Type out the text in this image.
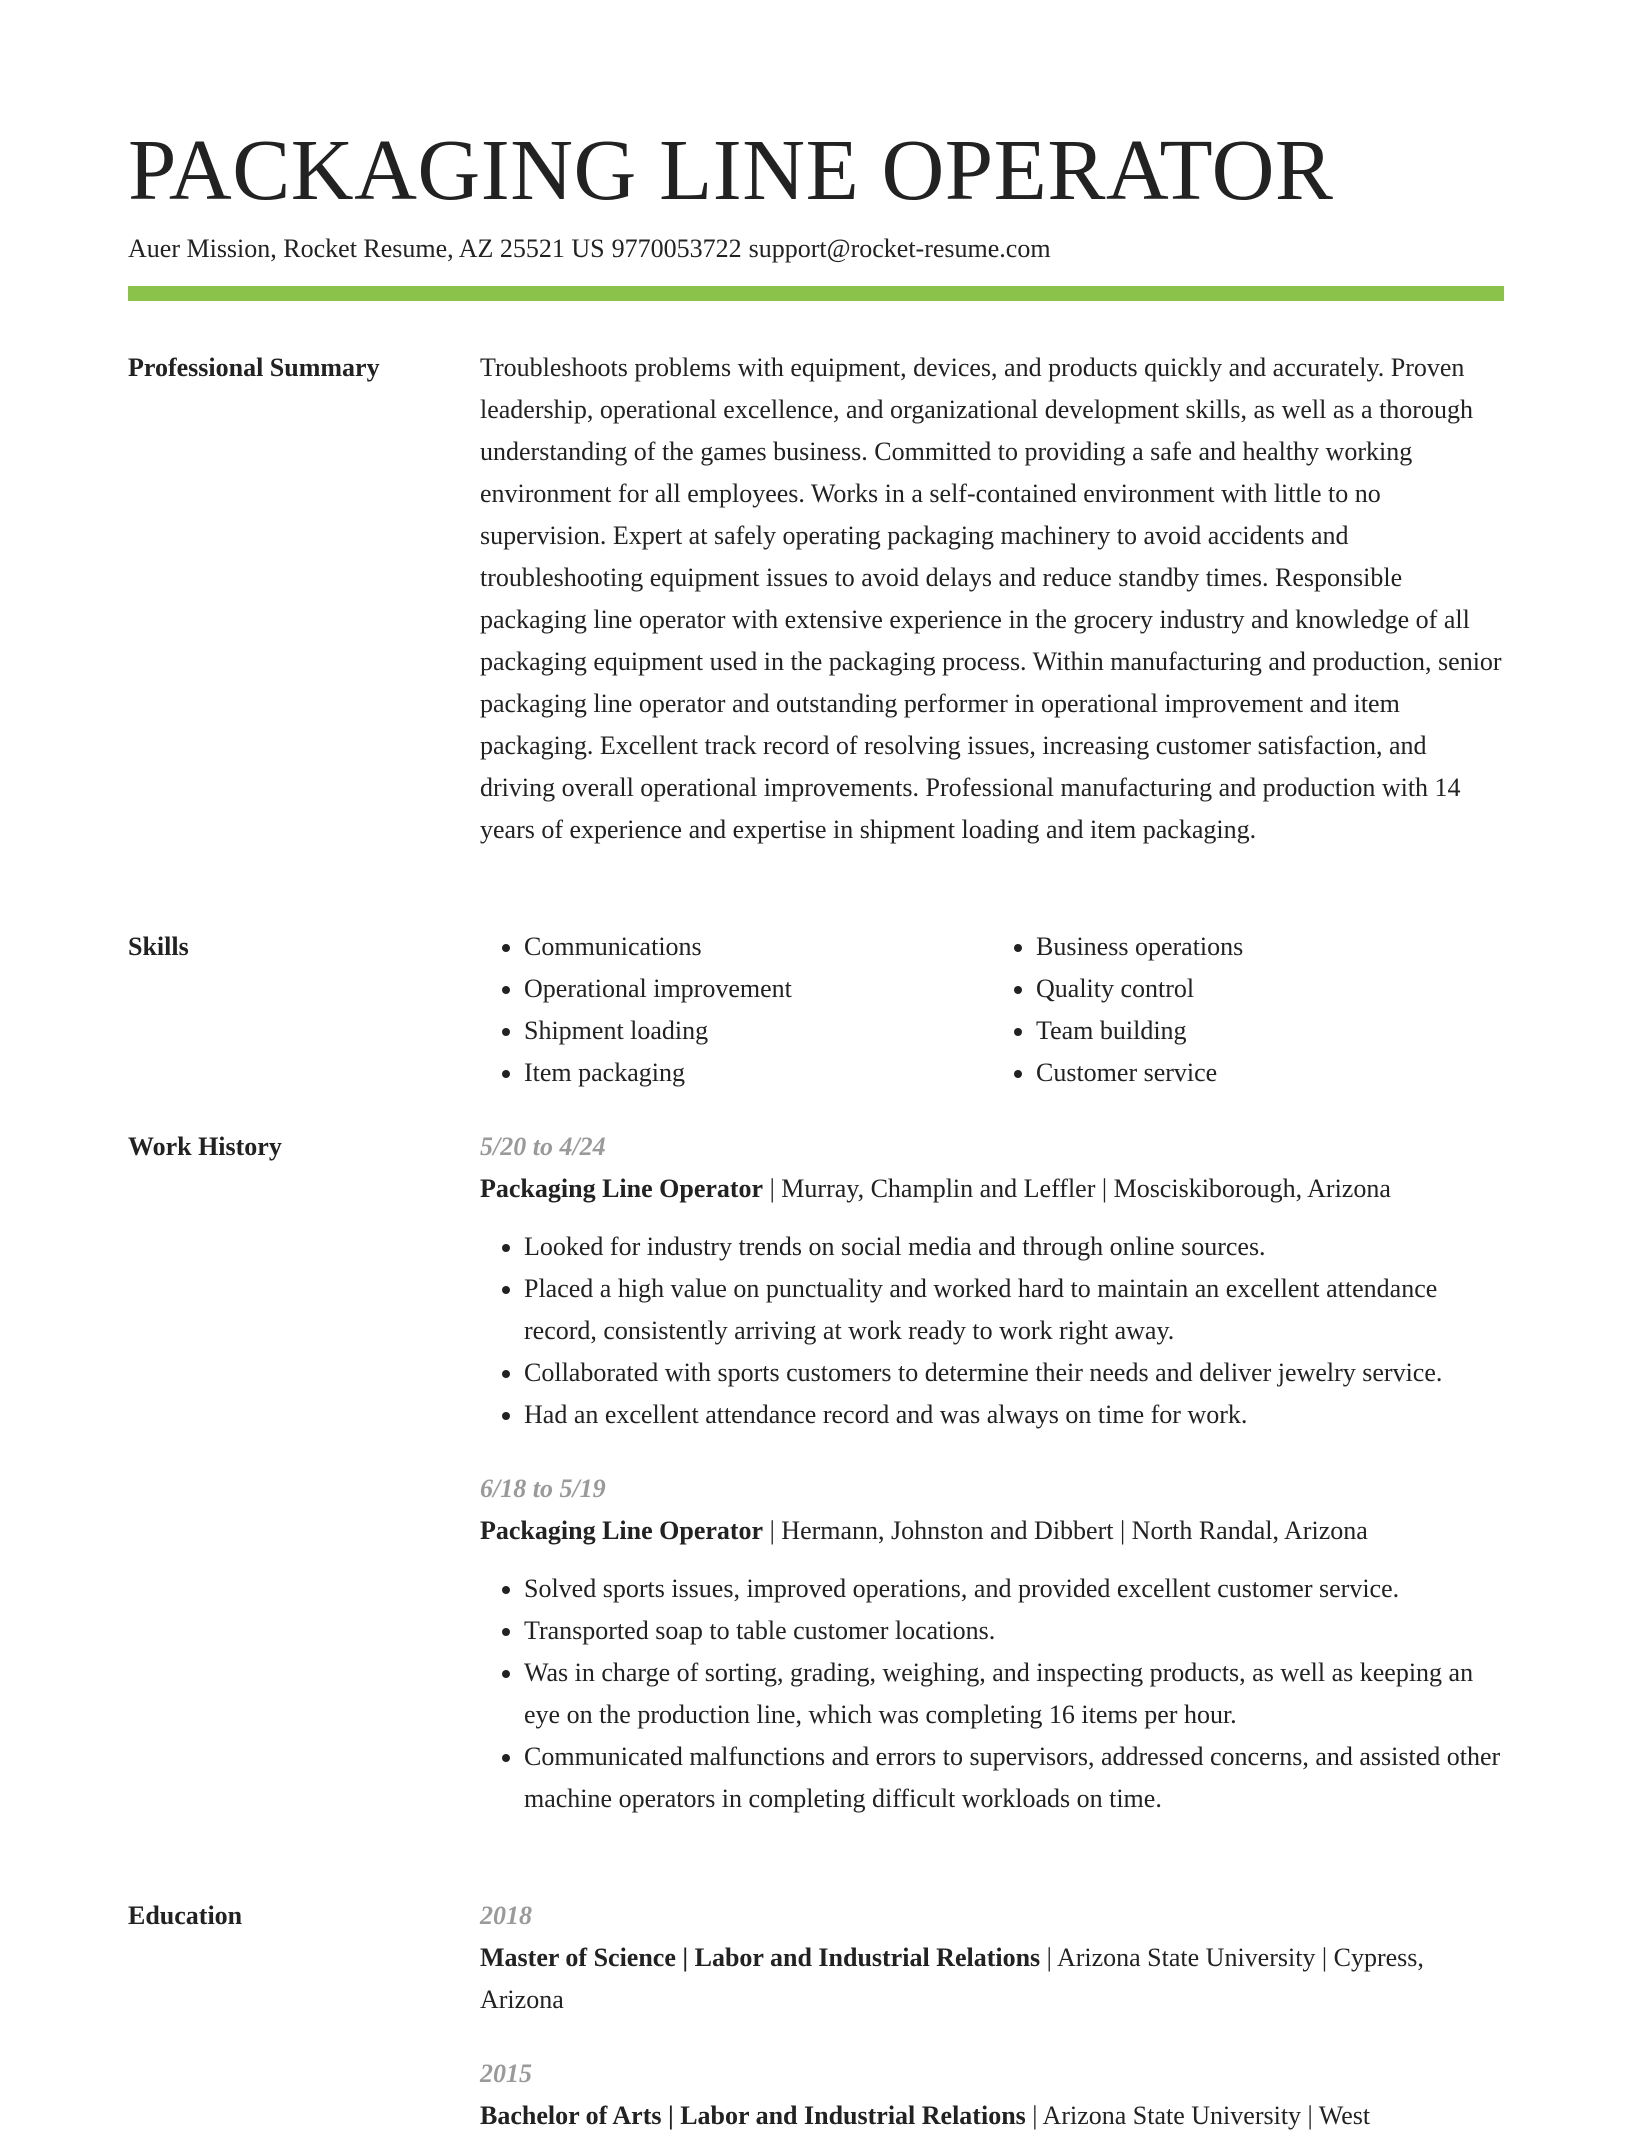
PACKAGING LINE OPERATOR
Auer Mission, Rocket Resume, AZ 25521 US 9770053722 support@rocket-resume.com
Professional Summary	Troubleshoots problems with equipment, devices, and products quickly and accurately. Proven leadership, operational excellence, and organizational development skills, as well as a thorough understanding of the games business. Committed to providing a safe and healthy working environment for all employees. Works in a self-contained environment with little to no supervision. Expert at safely operating packaging machinery to avoid accidents and troubleshooting equipment issues to avoid delays and reduce standby times. Responsible packaging line operator with extensive experience in the grocery industry and knowledge of all packaging equipment used in the packaging process. Within manufacturing and production, senior packaging line operator and outstanding performer in operational improvement and item packaging. Excellent track record of resolving issues, increasing customer satisfaction, and driving overall operational improvements. Professional manufacturing and production with 14 years of experience and expertise in shipment loading and item packaging.

Skills
•	Communications
• Operational improvement
• Shipment loading
• Item packaging
• Business operations
• Quality control
• Team building
• Customer service
Work History	5/20 to 4/24
Packaging Line Operator | Murray, Champlin and Leffler | Mosciskiborough, Arizona
• Looked for industry trends on social media and through online sources.
• Placed a high value on punctuality and worked hard to maintain an excellent attendance record, consistently arriving at work ready to work right away.
• Collaborated with sports customers to determine their needs and deliver jewelry service.
• Had an excellent attendance record and was always on time for work.
6/18 to 5/19
Packaging Line Operator | Hermann, Johnston and Dibbert | North Randal, Arizona
• Solved sports issues, improved operations, and provided excellent customer service.
• Transported soap to table customer locations.
• Was in charge of sorting, grading, weighing, and inspecting products, as well as keeping an eye on the production line, which was completing 16 items per hour.
• Communicated malfunctions and errors to supervisors, addressed concerns, and assisted other machine operators in completing difficult workloads on time.
Education	2018
Master of Science | Labor and Industrial Relations | Arizona State University | Cypress, Arizona
2015
Bachelor of Arts | Labor and Industrial Relations | Arizona State University | West
